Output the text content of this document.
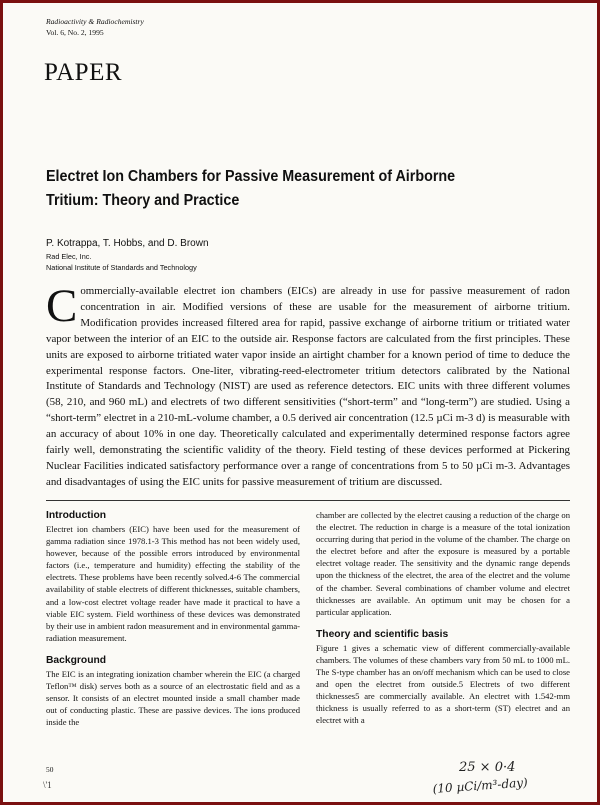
Radioactivity & Radiochemistry
Vol. 6, No. 2, 1995
PAPER
Electret Ion Chambers for Passive Measurement of Airborne Tritium: Theory and Practice
P. Kotrappa, T. Hobbs, and D. Brown
Rad Elec, Inc.
National Institute of Standards and Technology
Commercially-available electret ion chambers (EICs) are already in use for passive measurement of radon concentration in air. Modified versions of these are usable for the measurement of airborne tritium. Modification provides increased filtered area for rapid, passive exchange of airborne tritium or tritiated water vapor between the interior of an EIC to the outside air. Response factors are calculated from the first principles. These units are exposed to airborne tritiated water vapor inside an airtight chamber for a known period of time to deduce the experimental response factors. One-liter, vibrating-reed-electrometer tritium detectors calibrated by the National Institute of Standards and Technology (NIST) are used as reference detectors. EIC units with three different volumes (58, 210, and 960 mL) and electrets of two different sensitivities (“short-term” and “long-term”) are studied. Using a “short-term” electret in a 210-mL-volume chamber, a 0.5 derived air concentration (12.5 µCi m-3 d) is measurable with an accuracy of about 10% in one day. Theoretically calculated and experimentally determined response factors agree fairly well, demonstrating the scientific validity of the theory. Field testing of these devices performed at Pickering Nuclear Facilities indicated satisfactory performance over a range of concentrations from 5 to 50 µCi m-3. Advantages and disadvantages of using the EIC units for passive measurement of tritium are discussed.
Introduction

Electret ion chambers (EIC) have been used for the measurement of gamma radiation since 1978.1-3 This method has not been widely used, however, because of the possible errors introduced by environmental factors (i.e., temperature and humidity) effecting the stability of the electrets. These problems have been recently solved.4-6 The commercial availability of stable electrets of different thicknesses, suitable chambers, and a low-cost electret voltage reader have made it practical to have a viable EIC system. Field worthiness of these devices was demonstrated by their use in ambient radon measurement and in environmental gamma-radiation measurement.

Background

The EIC is an integrating ionization chamber wherein the EIC (a charged Teflon™ disk) serves both as a source of an electrostatic field and as a sensor. It consists of an electret mounted inside a small chamber made out of conducting plastic. These are passive devices. The ions produced inside the

chamber are collected by the electret causing a reduction of the charge on the electret. The reduction in charge is a measure of the total ionization occurring during that period in the volume of the chamber. The charge on the electret before and after the exposure is measured by a portable electret voltage reader. The sensitivity and the dynamic range depends upon the thickness of the electret, the area of the electret and the volume of the chamber. Several combinations of chamber volume and electret thicknesses are available. An optimum unit may be chosen for a particular application.

Theory and scientific basis

Figure 1 gives a schematic view of different commercially-available chambers. The volumes of these chambers vary from 50 mL to 1000 mL. The S-type chamber has an on/off mechanism which can be used to close and open the electret from outside.5 Electrets of two different thicknesses5 are commercially available. An electret with 1.542-mm thickness is usually referred to as a short-term (ST) electret and an electret with a

50
\'1
25 × 0·4
(10 µCi/m³-day)
